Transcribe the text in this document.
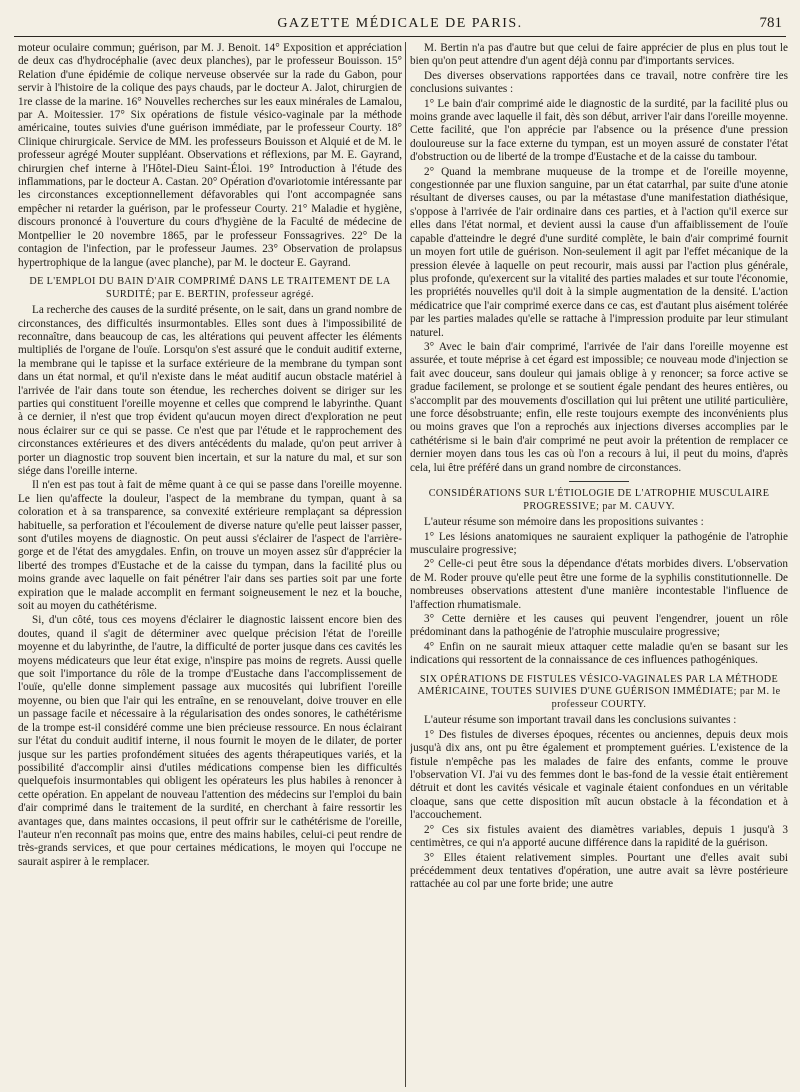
GAZETTE MÉDICALE DE PARIS.	781

moteur oculaire commun; guérison, par M. J. Benoit. 14° Exposition et appréciation de deux cas d'hydrocéphalie (avec deux planches), par le professeur Bouisson. 15° Relation d'une épidémie de colique nerveuse observée sur la rade du Gabon, pour servir à l'histoire de la colique des pays chauds, par le docteur A. Jalot, chirurgien de 1re classe de la marine. 16° Nouvelles recherches sur les eaux minérales de Lamalou, par A. Moitessier. 17° Six opérations de fistule vésico-vaginale par la méthode américaine, toutes suivies d'une guérison immédiate, par le professeur Courty. 18° Clinique chirurgicale. Service de MM. les professeurs Bouisson et Alquié et de M. le professeur agrégé Mouter suppléant. Observations et réflexions, par M. E. Gayrand, chirurgien chef interne à l'Hôtel-Dieu Saint-Éloi. 19° Introduction à l'étude des inflammations, par le docteur A. Castan. 20° Opération d'ovariotomie intéressante par les circonstances exceptionnellement défavorables qui l'ont accompagnée sans empêcher ni retarder la guérison, par le professeur Courty. 21° Maladie et hygiène, discours prononcé à l'ouverture du cours d'hygiène de la Faculté de médecine de Montpellier le 20 novembre 1865, par le professeur Fonssagrives. 22° De la contagion de l'infection, par le professeur Jaumes. 23° Observation de prolapsus hypertrophique de la langue (avec planche), par M. le docteur E. Gayrand.

DE L'EMPLOI DU BAIN D'AIR COMPRIMÉ DANS LE TRAITEMENT DE LA SURDITÉ; par E. BERTIN, professeur agrégé.

La recherche des causes de la surdité présente, on le sait, dans un grand nombre de circonstances, des difficultés insurmontables. Elles sont dues à l'impossibilité de reconnaître, dans beaucoup de cas, les altérations qui peuvent affecter les éléments multipliés de l'organe de l'ouïe. Lorsqu'on s'est assuré que le conduit auditif externe, la membrane qui le tapisse et la surface extérieure de la membrane du tympan sont dans un état normal, et qu'il n'existe dans le méat auditif aucun obstacle matériel à l'arrivée de l'air dans toute son étendue, les recherches doivent se diriger sur les parties qui constituent l'oreille moyenne et celles que comprend le labyrinthe. Quant à ce dernier, il n'est que trop évident qu'aucun moyen direct d'exploration ne peut nous éclairer sur ce qui se passe. Ce n'est que par l'étude et le rapprochement des circonstances extérieures et des divers antécédents du malade, qu'on peut arriver à porter un diagnostic trop souvent bien incertain, et sur la nature du mal, et sur son siége dans l'oreille interne.

Il n'en est pas tout à fait de même quant à ce qui se passe dans l'oreille moyenne. Le lien qu'affecte la douleur, l'aspect de la membrane du tympan, quant à sa coloration et à sa transparence, sa convexité extérieure remplaçant sa dépression habituelle, sa perforation et l'écoulement de diverse nature qu'elle peut laisser passer, sont d'utiles moyens de diagnostic. On peut aussi s'éclairer de l'aspect de l'arrière-gorge et de l'état des amygdales. Enfin, on trouve un moyen assez sûr d'apprécier la liberté des trompes d'Eustache et de la caisse du tympan, dans la facilité plus ou moins grande avec laquelle on fait pénétrer l'air dans ses parties soit par une forte expiration que le malade accomplit en fermant soigneusement le nez et la bouche, soit au moyen du cathétérisme.

Si, d'un côté, tous ces moyens d'éclairer le diagnostic laissent encore bien des doutes, quand il s'agit de déterminer avec quelque précision l'état de l'oreille moyenne et du labyrinthe, de l'autre, la difficulté de porter jusque dans ces cavités les moyens médicateurs que leur état exige, n'inspire pas moins de regrets. Aussi quelle que soit l'importance du rôle de la trompe d'Eustache dans l'accomplissement de l'ouïe, qu'elle donne simplement passage aux mucosités qui lubrifient l'oreille moyenne, ou bien que l'air qui les entraîne, en se renouvelant, doive trouver en elle un passage facile et nécessaire à la régularisation des ondes sonores, le cathétérisme de la trompe est-il considéré comme une bien précieuse ressource. En nous éclairant sur l'état du conduit auditif interne, il nous fournit le moyen de le dilater, de porter jusque sur les parties profondément situées des agents thérapeutiques variés, et la possibilité d'accomplir ainsi d'utiles médications compense bien les difficultés quelquefois insurmontables qui obligent les opérateurs les plus habiles à renoncer à cette opération. En appelant de nouveau l'attention des médecins sur l'emploi du bain d'air comprimé dans le traitement de la surdité, en cherchant à faire ressortir les avantages que, dans maintes occasions, il peut offrir sur le cathétérisme de l'oreille, l'auteur n'en reconnaît pas moins que, entre des mains habiles, celui-ci peut rendre de très-grands services, et que pour certaines médications, le moyen qui l'occupe ne saurait aspirer à le remplacer.

M. Bertin n'a pas d'autre but que celui de faire apprécier de plus en plus tout le bien qu'on peut attendre d'un agent déjà connu par d'importants services.

Des diverses observations rapportées dans ce travail, notre confrère tire les conclusions suivantes :

1° Le bain d'air comprimé aide le diagnostic de la surdité, par la facilité plus ou moins grande avec laquelle il fait, dès son début, arriver l'air dans l'oreille moyenne. Cette facilité, que l'on apprécie par l'absence ou la présence d'une pression douloureuse sur la face externe du tympan, est un moyen assuré de constater l'état d'obstruction ou de liberté de la trompe d'Eustache et de la caisse du tambour.

2° Quand la membrane muqueuse de la trompe et de l'oreille moyenne, congestionnée par une fluxion sanguine, par un état catarrhal, par suite d'une atonie résultant de diverses causes, ou par la métastase d'une manifestation diathésique, s'oppose à l'arrivée de l'air ordinaire dans ces parties, et à l'action qu'il exerce sur elles dans l'état normal, et devient aussi la cause d'un affaiblissement de l'ouïe capable d'atteindre le degré d'une surdité complète, le bain d'air comprimé fournit un moyen fort utile de guérison. Non-seulement il agit par l'effet mécanique de la pression élevée à laquelle on peut recourir, mais aussi par l'action plus générale, plus profonde, qu'exercent sur la vitalité des parties malades et sur toute l'économie, les propriétés nouvelles qu'il doit à la simple augmentation de la densité. L'action médicatrice que l'air comprimé exerce dans ce cas, est d'autant plus aisément tolérée par les parties malades qu'elle se rattache à l'impression produite par leur stimulant naturel.

3° Avec le bain d'air comprimé, l'arrivée de l'air dans l'oreille moyenne est assurée, et toute méprise à cet égard est impossible; ce nouveau mode d'injection se fait avec douceur, sans douleur qui jamais oblige à y renoncer; sa force active se gradue facilement, se prolonge et se soutient égale pendant des heures entières, ou s'accomplit par des mouvements d'oscillation qui lui prêtent une utilité particulière, une force désobstruante; enfin, elle reste toujours exempte des inconvénients plus ou moins graves que l'on a reprochés aux injections diverses accomplies par le cathétérisme si le bain d'air comprimé ne peut avoir la prétention de remplacer ce dernier moyen dans tous les cas où l'on a recours à lui, il peut du moins, d'après cela, lui être préféré dans un grand nombre de circonstances.

CONSIDÉRATIONS SUR L'ÉTIOLOGIE DE L'ATROPHIE MUSCULAIRE PROGRESSIVE; par M. CAUVY.

L'auteur résume son mémoire dans les propositions suivantes :

1° Les lésions anatomiques ne sauraient expliquer la pathogénie de l'atrophie musculaire progressive;

2° Celle-ci peut être sous la dépendance d'états morbides divers. L'observation de M. Roder prouve qu'elle peut être une forme de la syphilis constitutionnelle. De nombreuses observations attestent d'une manière incontestable l'influence de l'affection rhumatismale.

3° Cette dernière et les causes qui peuvent l'engendrer, jouent un rôle prédominant dans la pathogénie de l'atrophie musculaire progressive;

4° Enfin on ne saurait mieux attaquer cette maladie qu'en se basant sur les indications qui ressortent de la connaissance de ces influences pathogéniques.

SIX OPÉRATIONS DE FISTULES VÉSICO-VAGINALES PAR LA MÉTHODE AMÉRICAINE, TOUTES SUIVIES D'UNE GUÉRISON IMMÉDIATE; par M. le professeur COURTY.

L'auteur résume son important travail dans les conclusions suivantes :

1° Des fistules de diverses époques, récentes ou anciennes, depuis deux mois jusqu'à dix ans, ont pu être également et promptement guéries. L'existence de la fistule n'empêche pas les malades de faire des enfants, comme le prouve l'observation VI. J'ai vu des femmes dont le bas-fond de la vessie était entièrement détruit et dont les cavités vésicale et vaginale étaient confondues en un véritable cloaque, sans que cette disposition mît aucun obstacle à la fécondation et à l'accouchement.

2° Ces six fistules avaient des diamètres variables, depuis 1 jusqu'à 3 centimètres, ce qui n'a apporté aucune différence dans la rapidité de la guérison.

3° Elles étaient relativement simples. Pourtant une d'elles avait subi précédemment deux tentatives d'opération, une autre avait sa lèvre postérieure rattachée au col par une forte bride; une autre
